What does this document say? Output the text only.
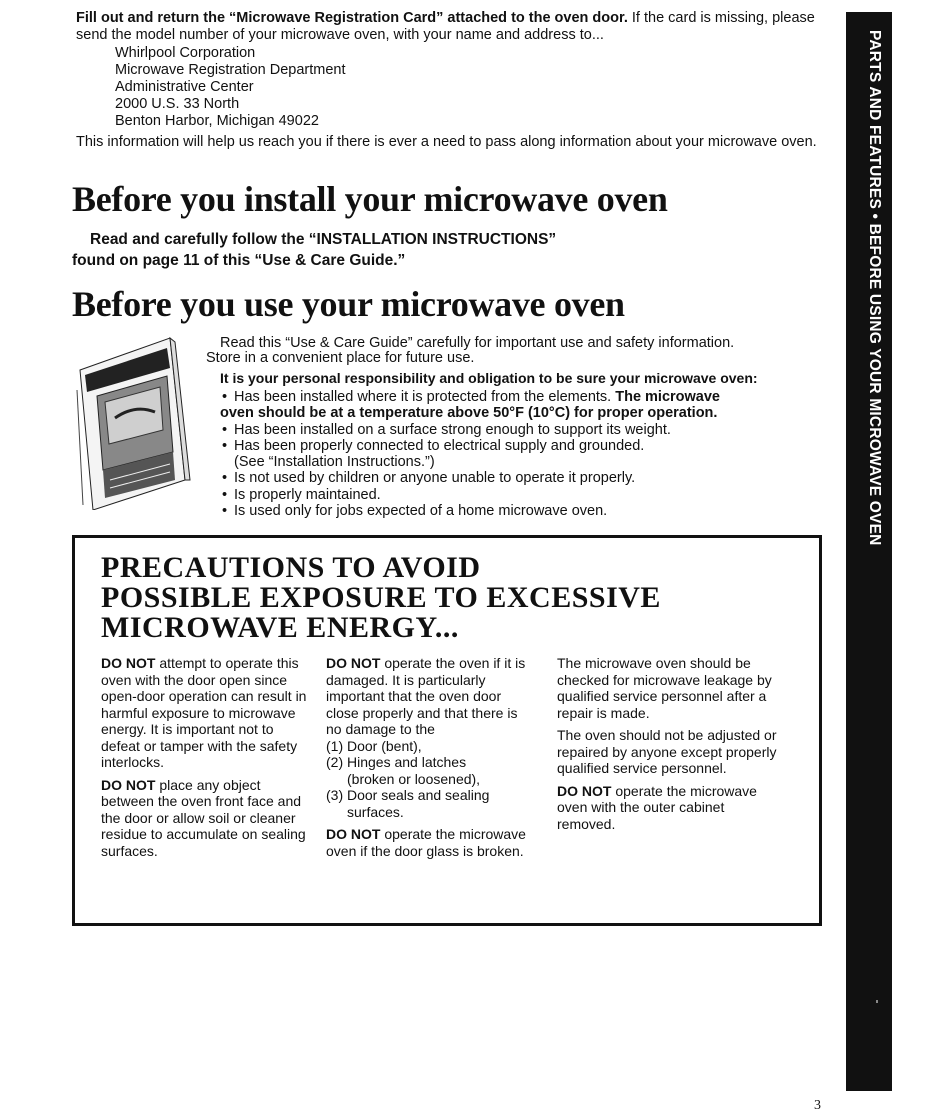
PARTS AND FEATURES • BEFORE USING YOUR MICROWAVE OVEN
Fill out and return the “Microwave Registration Card” attached to the oven door. If the card is missing, please send the model number of your microwave oven, with your name and address to...
Whirlpool Corporation
Microwave Registration Department
Administrative Center
2000 U.S. 33 North
Benton Harbor, Michigan 49022
This information will help us reach you if there is ever a need to pass along information about your microwave oven.
Before you install your microwave oven
Read and carefully follow the “INSTALLATION INSTRUCTIONS”
found on page 11 of this “Use & Care Guide.”
Before you use your microwave oven
Read this “Use & Care Guide” carefully for important use and safety information.
Store in a convenient place for future use.
It is your personal responsibility and obligation to be sure your microwave oven:
• Has been installed where it is protected from the elements. The microwave
oven should be at a temperature above 50°F (10°C) for proper operation.
• Has been installed on a surface strong enough to support its weight.
• Has been properly connected to electrical supply and grounded.
(See “Installation Instructions.”)
• Is not used by children or anyone unable to operate it properly.
• Is properly maintained.
• Is used only for jobs expected of a home microwave oven.
PRECAUTIONS TO AVOID
POSSIBLE EXPOSURE TO EXCESSIVE
MICROWAVE ENERGY...

DO NOT attempt to operate this oven with the door open since open-door operation can result in harmful exposure to microwave energy. It is important not to defeat or tamper with the safety interlocks.

DO NOT place any object between the oven front face and the door or allow soil or cleaner residue to accumulate on sealing surfaces.

DO NOT operate the oven if it is damaged. It is particularly important that the oven door close properly and that there is no damage to the

(1) Door (bent),
(2) Hinges and latches
(broken or loosened),
(3) Door seals and sealing
surfaces.

DO NOT operate the microwave oven if the door glass is broken.

The microwave oven should be checked for microwave leakage by qualified service personnel after a repair is made.

The oven should not be adjusted or repaired by anyone except properly qualified service personnel.

DO NOT operate the microwave oven with the outer cabinet removed.

3
